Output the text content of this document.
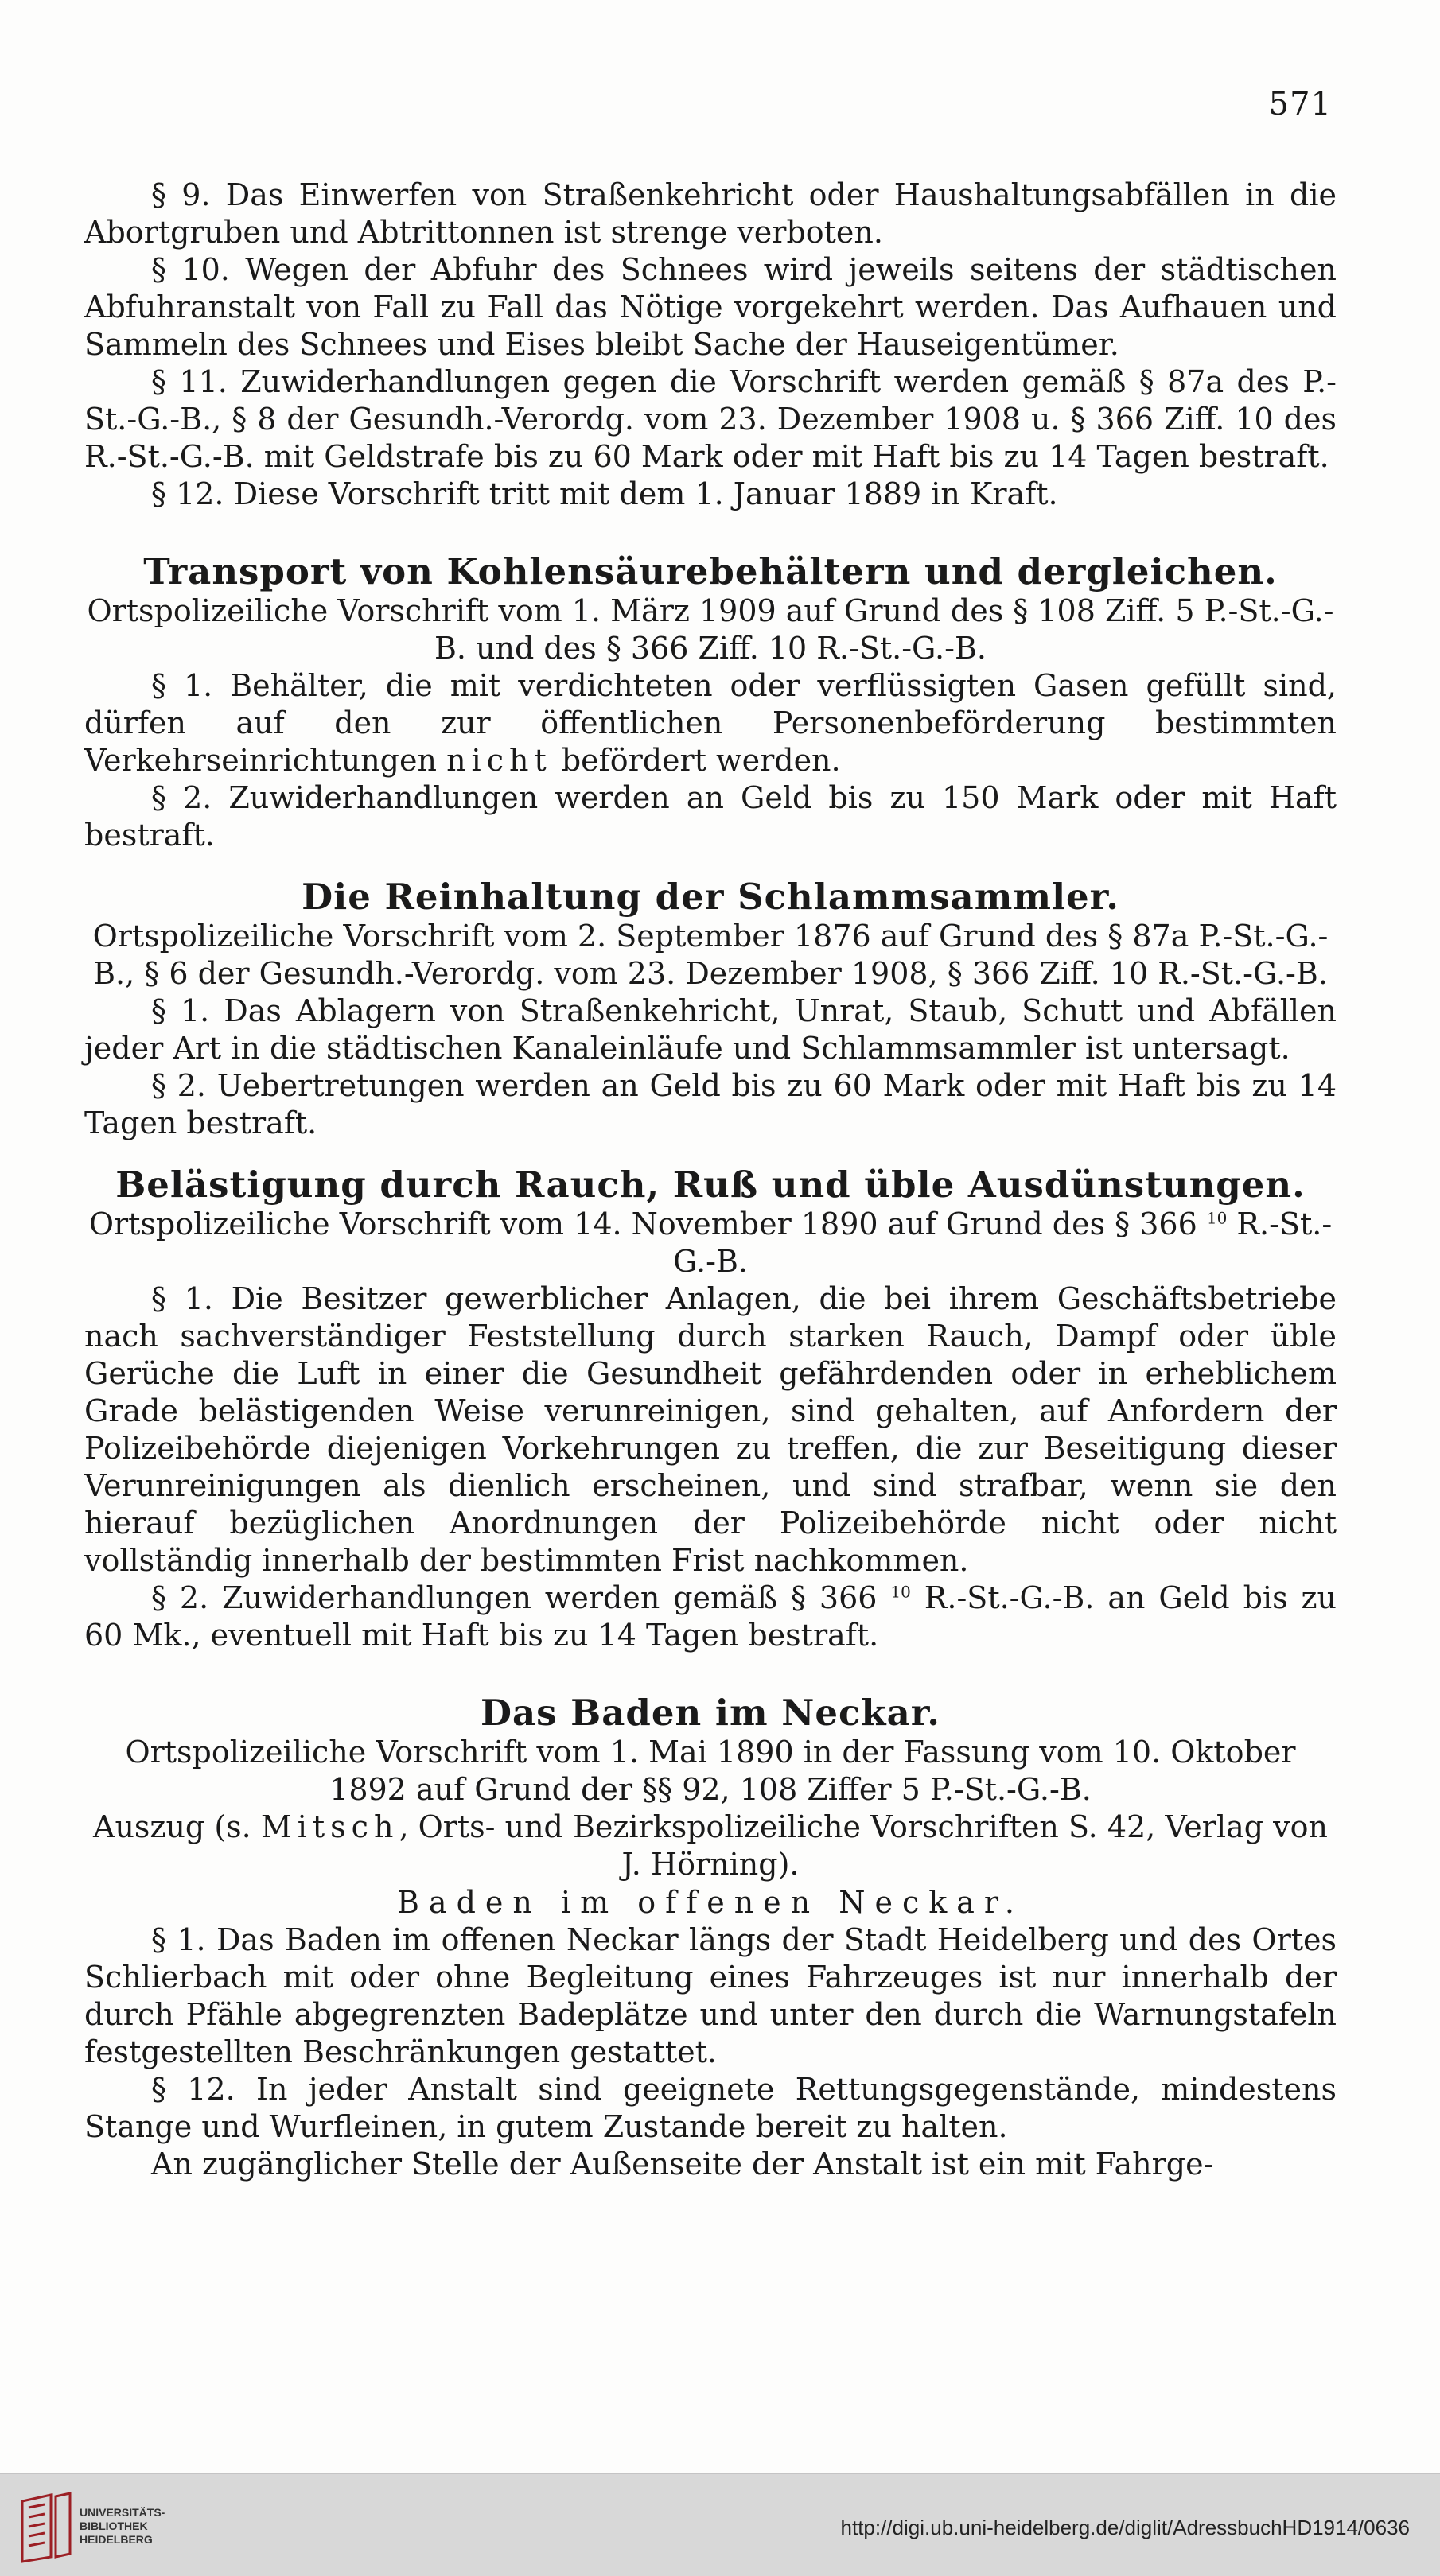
571

§ 9. Das Einwerfen von Straßenkehricht oder Haushaltungsabfällen in die Abortgruben und Abtrittonnen ist strenge verboten.

§ 10. Wegen der Abfuhr des Schnees wird jeweils seitens der städtischen Abfuhranstalt von Fall zu Fall das Nötige vorgekehrt werden. Das Aufhauen und Sammeln des Schnees und Eises bleibt Sache der Hauseigentümer.

§ 11. Zuwiderhandlungen gegen die Vorschrift werden gemäß § 87a des P.-St.-G.-B., § 8 der Gesundh.-Verordg. vom 23. Dezember 1908 u. § 366 Ziff. 10 des R.-St.-G.-B. mit Geldstrafe bis zu 60 Mark oder mit Haft bis zu 14 Tagen bestraft.

§ 12. Diese Vorschrift tritt mit dem 1. Januar 1889 in Kraft.

Transport von Kohlensäurebehältern und dergleichen.

Ortspolizeiliche Vorschrift vom 1. März 1909 auf Grund des § 108 Ziff. 5 P.-St.-G.-B. und des § 366 Ziff. 10 R.-St.-G.-B.

§ 1. Behälter, die mit verdichteten oder verflüssigten Gasen gefüllt sind, dürfen auf den zur öffentlichen Personenbeförderung bestimmten Verkehrseinrichtungen nicht befördert werden.

§ 2. Zuwiderhandlungen werden an Geld bis zu 150 Mark oder mit Haft bestraft.

Die Reinhaltung der Schlammsammler.

Ortspolizeiliche Vorschrift vom 2. September 1876 auf Grund des § 87a P.-St.-G.-B., § 6 der Gesundh.-Verordg. vom 23. Dezember 1908, § 366 Ziff. 10 R.-St.-G.-B.

§ 1. Das Ablagern von Straßenkehricht, Unrat, Staub, Schutt und Abfällen jeder Art in die städtischen Kanaleinläufe und Schlammsammler ist untersagt.

§ 2. Uebertretungen werden an Geld bis zu 60 Mark oder mit Haft bis zu 14 Tagen bestraft.

Belästigung durch Rauch, Ruß und üble Ausdünstungen.

Ortspolizeiliche Vorschrift vom 14. November 1890 auf Grund des § 366 $^{10}$ R.-St.-G.-B.

§ 1. Die Besitzer gewerblicher Anlagen, die bei ihrem Geschäftsbetriebe nach sachverständiger Feststellung durch starken Rauch, Dampf oder üble Gerüche die Luft in einer die Gesundheit gefährdenden oder in erheblichem Grade belästigenden Weise verunreinigen, sind gehalten, auf Anfordern der Polizeibehörde diejenigen Vorkehrungen zu treffen, die zur Beseitigung dieser Verunreinigungen als dienlich erscheinen, und sind strafbar, wenn sie den hierauf bezüglichen Anordnungen der Polizeibehörde nicht oder nicht vollständig innerhalb der bestimmten Frist nachkommen.

§ 2. Zuwiderhandlungen werden gemäß § 366 $^{10}$ R.-St.-G.-B. an Geld bis zu 60 Mk., eventuell mit Haft bis zu 14 Tagen bestraft.

Das Baden im Neckar.

Ortspolizeiliche Vorschrift vom 1. Mai 1890 in der Fassung vom 10. Oktober 1892 auf Grund der §§ 92, 108 Ziffer 5 P.-St.-G.-B.

Auszug (s. Mitsch, Orts- und Bezirkspolizeiliche Vorschriften S. 42, Verlag von J. Hörning).

Baden im offenen Neckar.

§ 1. Das Baden im offenen Neckar längs der Stadt Heidelberg und des Ortes Schlierbach mit oder ohne Begleitung eines Fahrzeuges ist nur innerhalb der durch Pfähle abgegrenzten Badeplätze und unter den durch die Warnungstafeln festgestellten Beschränkungen gestattet.

§ 12. In jeder Anstalt sind geeignete Rettungsgegenstände, mindestens Stange und Wurfleinen, in gutem Zustande bereit zu halten.

An zugänglicher Stelle der Außenseite der Anstalt ist ein mit Fahrge-

UNIVERSITÄTS-
BIBLIOTHEK
HEIDELBERG	http://digi.ub.uni-heidelberg.de/diglit/AdressbuchHD1914/0636
